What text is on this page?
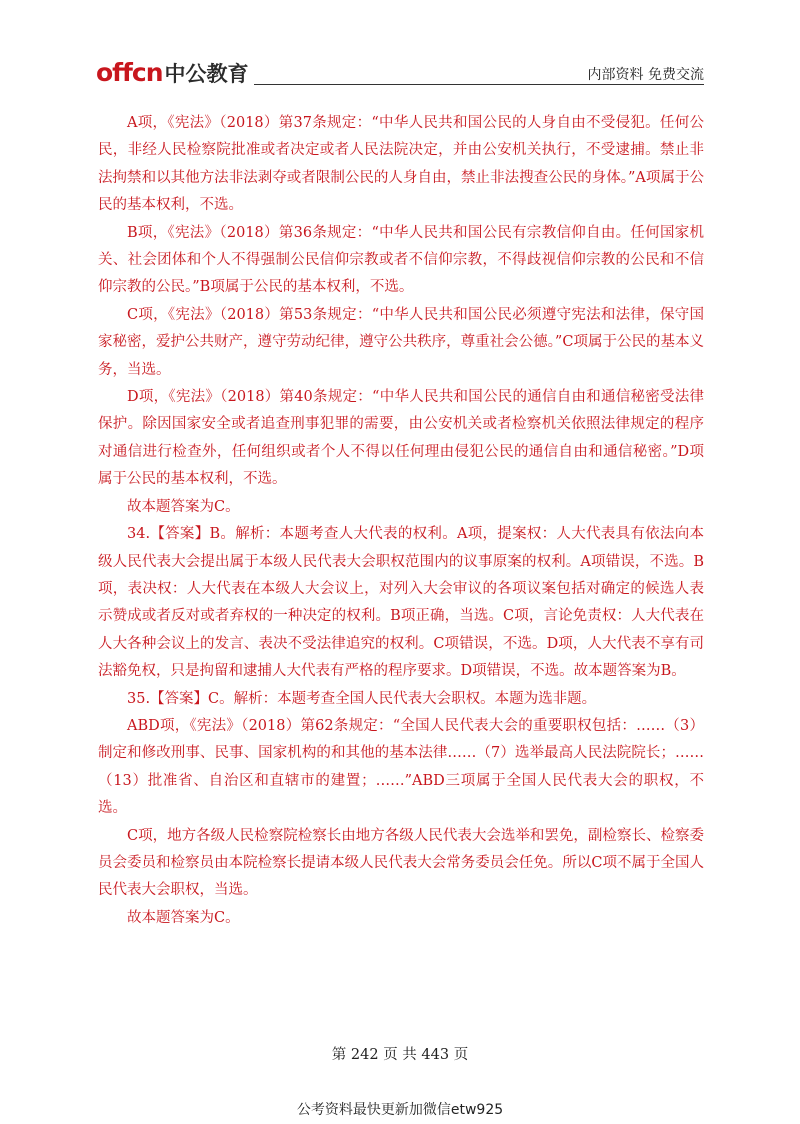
offcn 中公教育	内部资料 免费交流

A项，《宪法》（2018）第37条规定：“中华人民共和国公民的人身自由不受侵犯。任何公民，非经人民检察院批准或者决定或者人民法院决定，并由公安机关执行，不受逮捕。禁止非法拘禁和以其他方法非法剥夺或者限制公民的人身自由，禁止非法搜查公民的身体。”A项属于公民的基本权利，不选。

B项，《宪法》（2018）第36条规定：“中华人民共和国公民有宗教信仰自由。任何国家机关、社会团体和个人不得强制公民信仰宗教或者不信仰宗教，不得歧视信仰宗教的公民和不信仰宗教的公民。”B项属于公民的基本权利，不选。

C项，《宪法》（2018）第53条规定：“中华人民共和国公民必须遵守宪法和法律，保守国家秘密，爱护公共财产，遵守劳动纪律，遵守公共秩序，尊重社会公德。”C项属于公民的基本义务，当选。

D项，《宪法》（2018）第40条规定：“中华人民共和国公民的通信自由和通信秘密受法律保护。除因国家安全或者追查刑事犯罪的需要，由公安机关或者检察机关依照法律规定的程序对通信进行检查外，任何组织或者个人不得以任何理由侵犯公民的通信自由和通信秘密。”D项属于公民的基本权利，不选。

故本题答案为C。

34.【答案】B。解析：本题考查人大代表的权利。A项，提案权：人大代表具有依法向本级人民代表大会提出属于本级人民代表大会职权范围内的议事原案的权利。A项错误，不选。B项，表决权：人大代表在本级人大会议上，对列入大会审议的各项议案包括对确定的候选人表示赞成或者反对或者弃权的一种决定的权利。B项正确，当选。C项，言论免责权：人大代表在人大各种会议上的发言、表决不受法律追究的权利。C项错误，不选。D项，人大代表不享有司法豁免权，只是拘留和逮捕人大代表有严格的程序要求。D项错误，不选。故本题答案为B。

35.【答案】C。解析：本题考查全国人民代表大会职权。本题为选非题。

ABD项，《宪法》（2018）第62条规定：“全国人民代表大会的重要职权包括：……（3）制定和修改刑事、民事、国家机构的和其他的基本法律……（7）选举最高人民法院院长；……（13）批准省、自治区和直辖市的建置；……”ABD三项属于全国人民代表大会的职权，不选。

C项，地方各级人民检察院检察长由地方各级人民代表大会选举和罢免，副检察长、检察委员会委员和检察员由本院检察长提请本级人民代表大会常务委员会任免。所以C项不属于全国人民代表大会职权，当选。

故本题答案为C。

第 242 页 共 443 页
公考资料最快更新加微信etw925
